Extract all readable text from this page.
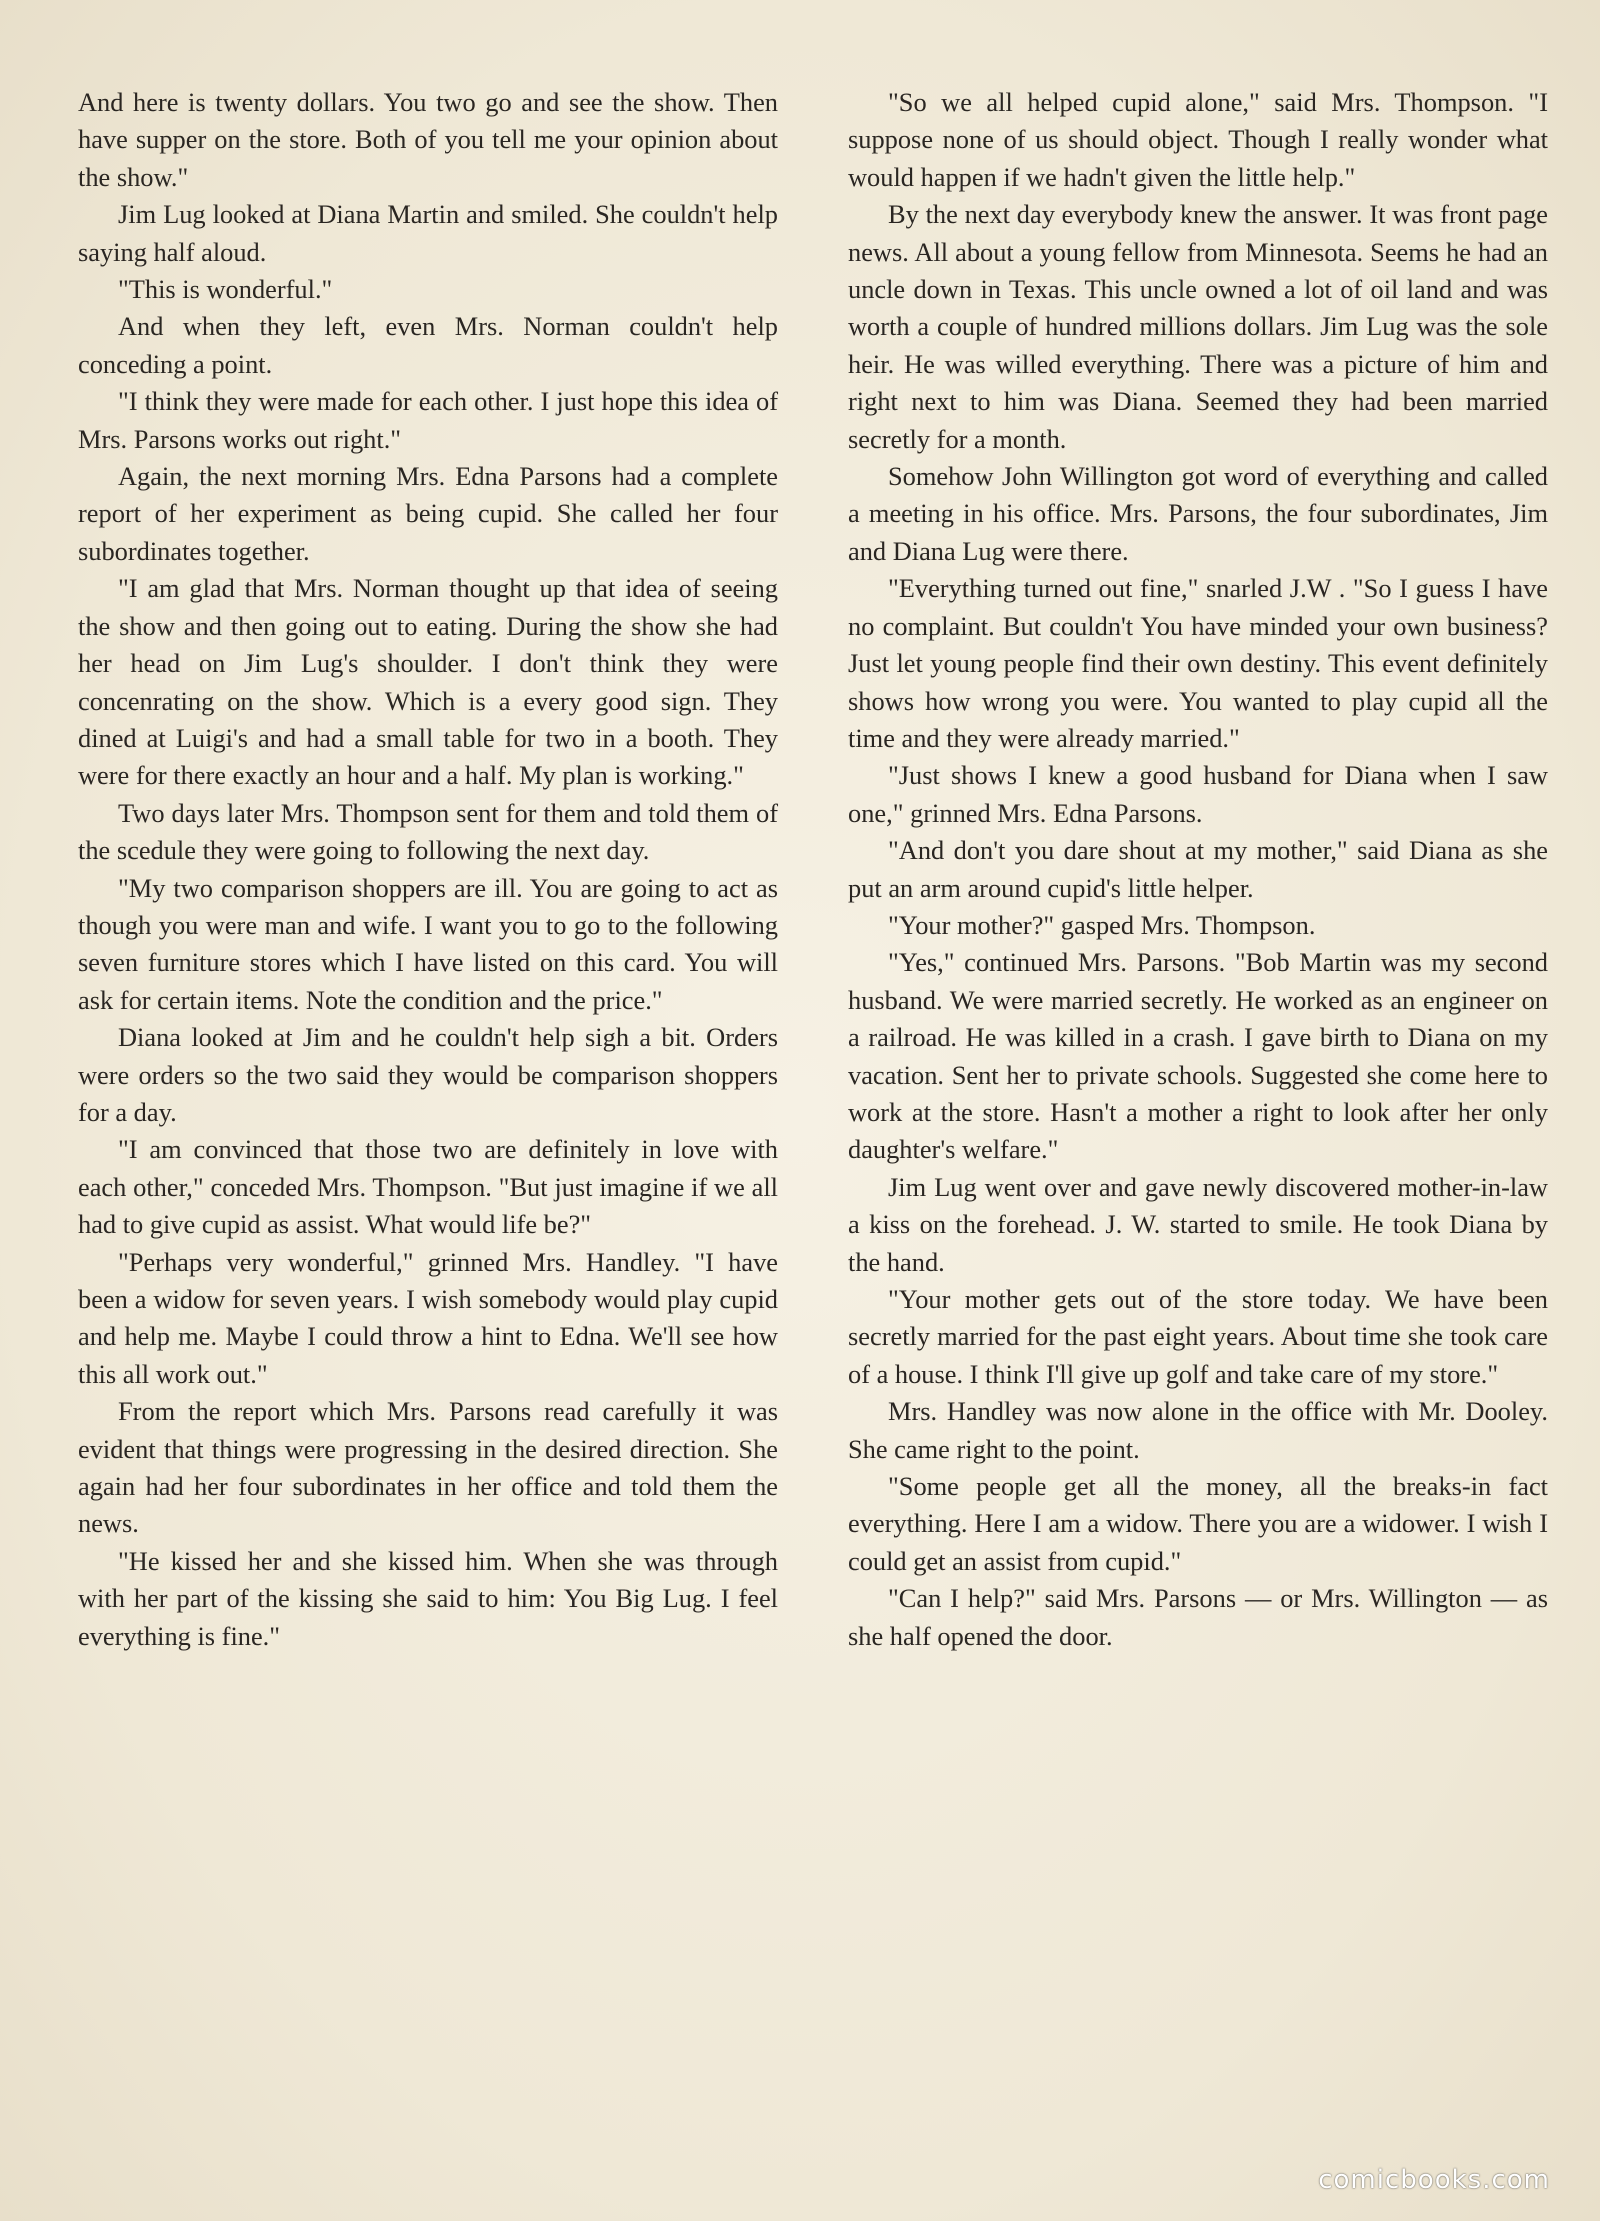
And here is twenty dollars. You two go and see the show. Then have supper on the store. Both of you tell me your opinion about the show."

Jim Lug looked at Diana Martin and smiled. She couldn't help saying half aloud.

"This is wonderful."

And when they left, even Mrs. Norman couldn't help conceding a point.

"I think they were made for each other. I just hope this idea of Mrs. Parsons works out right."

Again, the next morning Mrs. Edna Parsons had a complete report of her experiment as being cupid. She called her four subordinates together.

"I am glad that Mrs. Norman thought up that idea of seeing the show and then going out to eating. During the show she had her head on Jim Lug's shoulder. I don't think they were concenrating on the show. Which is a every good sign. They dined at Luigi's and had a small table for two in a booth. They were for there exactly an hour and a half. My plan is working."

Two days later Mrs. Thompson sent for them and told them of the scedule they were going to following the next day.

"My two comparison shoppers are ill. You are going to act as though you were man and wife. I want you to go to the following seven furniture stores which I have listed on this card. You will ask for certain items. Note the condition and the price."

Diana looked at Jim and he couldn't help sigh a bit. Orders were orders so the two said they would be comparison shoppers for a day.

"I am convinced that those two are definitely in love with each other," conceded Mrs. Thompson. "But just imagine if we all had to give cupid as assist. What would life be?"

"Perhaps very wonderful," grinned Mrs. Handley. "I have been a widow for seven years. I wish somebody would play cupid and help me. Maybe I could throw a hint to Edna. We'll see how this all work out."

From the report which Mrs. Parsons read carefully it was evident that things were progressing in the desired direction. She again had her four subordinates in her office and told them the news.

"He kissed her and she kissed him. When she was through with her part of the kissing she said to him: You Big Lug. I feel everything is fine."

"So we all helped cupid alone," said Mrs. Thompson. "I suppose none of us should object. Though I really wonder what would happen if we hadn't given the little help."

By the next day everybody knew the answer. It was front page news. All about a young fellow from Minnesota. Seems he had an uncle down in Texas. This uncle owned a lot of oil land and was worth a couple of hundred millions dollars. Jim Lug was the sole heir. He was willed everything. There was a picture of him and right next to him was Diana. Seemed they had been married secretly for a month.

Somehow John Willington got word of everything and called a meeting in his office. Mrs. Parsons, the four subordinates, Jim and Diana Lug were there.

"Everything turned out fine," snarled J.W . "So I guess I have no complaint. But couldn't You have minded your own business? Just let young people find their own destiny. This event definitely shows how wrong you were. You wanted to play cupid all the time and they were already married."

"Just shows I knew a good husband for Diana when I saw one," grinned Mrs. Edna Parsons.

"And don't you dare shout at my mother," said Diana as she put an arm around cupid's little helper.

"Your mother?" gasped Mrs. Thompson.

"Yes," continued Mrs. Parsons. "Bob Martin was my second husband. We were married secretly. He worked as an engineer on a railroad. He was killed in a crash. I gave birth to Diana on my vacation. Sent her to private schools. Suggested she come here to work at the store. Hasn't a mother a right to look after her only daughter's welfare."

Jim Lug went over and gave newly discovered mother-in-law a kiss on the forehead. J. W. started to smile. He took Diana by the hand.

"Your mother gets out of the store today. We have been secretly married for the past eight years. About time she took care of a house. I think I'll give up golf and take care of my store."

Mrs. Handley was now alone in the office with Mr. Dooley. She came right to the point.

"Some people get all the money, all the breaks-in fact everything. Here I am a widow. There you are a widower. I wish I could get an assist from cupid."

"Can I help?" said Mrs. Parsons — or Mrs. Willington — as she half opened the door.

comicbooks.com
